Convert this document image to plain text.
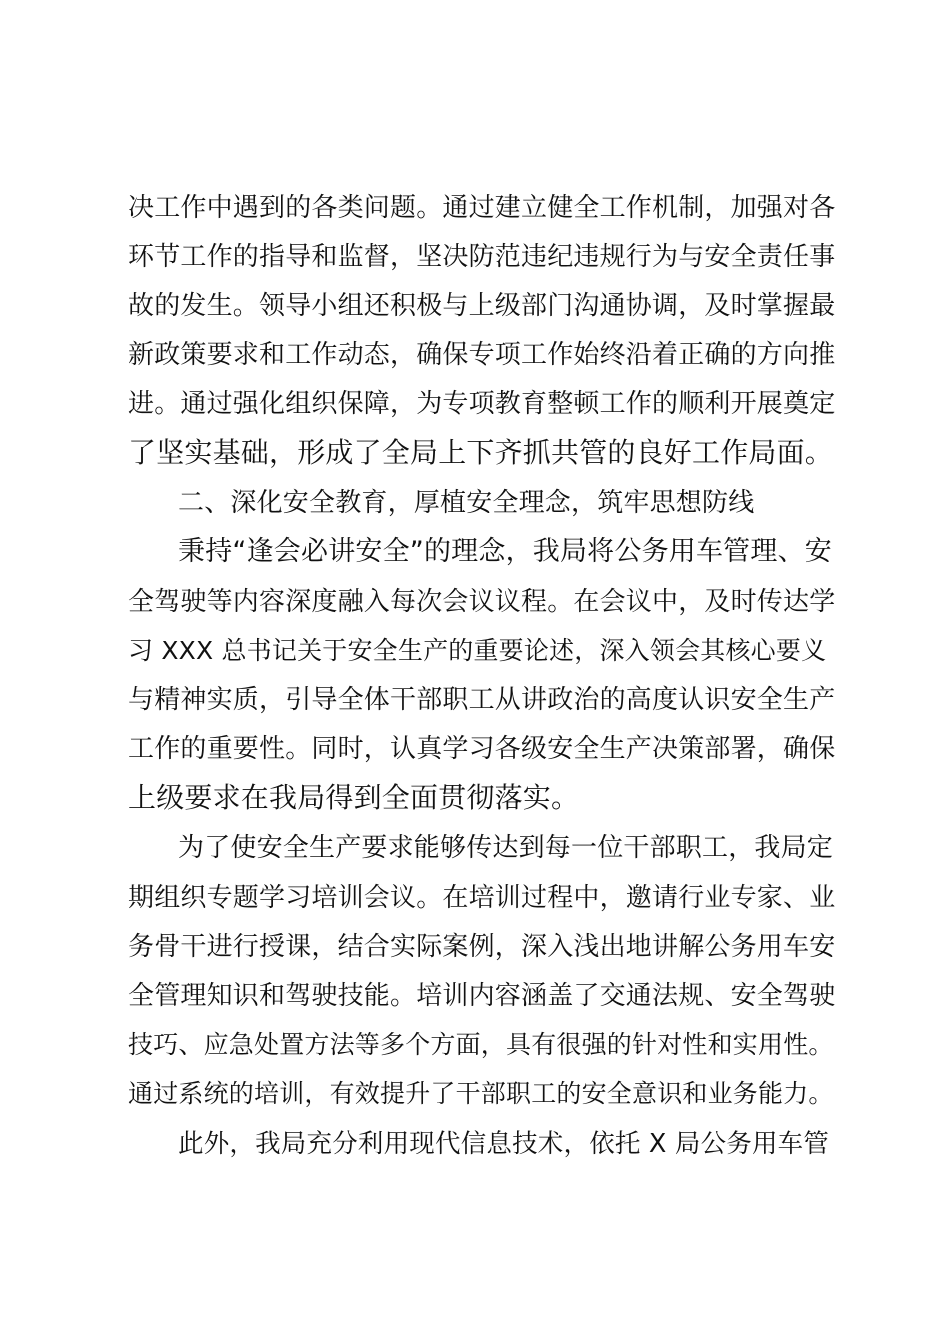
决工作中遇到的各类问题。通过建立健全工作机制，加强对各
环节工作的指导和监督，坚决防范违纪违规行为与安全责任事
故的发生。领导小组还积极与上级部门沟通协调，及时掌握最
新政策要求和工作动态，确保专项工作始终沿着正确的方向推
进。通过强化组织保障，为专项教育整顿工作的顺利开展奠定
了坚实基础，形成了全局上下齐抓共管的良好工作局面。
二、深化安全教育，厚植安全理念，筑牢思想防线
秉持“逢会必讲安全”的理念，我局将公务用车管理、安
全驾驶等内容深度融入每次会议议程。在会议中，及时传达学
习 XXX 总书记关于安全生产的重要论述，深入领会其核心要义
与精神实质，引导全体干部职工从讲政治的高度认识安全生产
工作的重要性。同时，认真学习各级安全生产决策部署，确保
上级要求在我局得到全面贯彻落实。
为了使安全生产要求能够传达到每一位干部职工，我局定
期组织专题学习培训会议。在培训过程中，邀请行业专家、业
务骨干进行授课，结合实际案例，深入浅出地讲解公务用车安
全管理知识和驾驶技能。培训内容涵盖了交通法规、安全驾驶
技巧、应急处置方法等多个方面，具有很强的针对性和实用性。
通过系统的培训，有效提升了干部职工的安全意识和业务能力。
此外，我局充分利用现代信息技术，依托 X 局公务用车管
